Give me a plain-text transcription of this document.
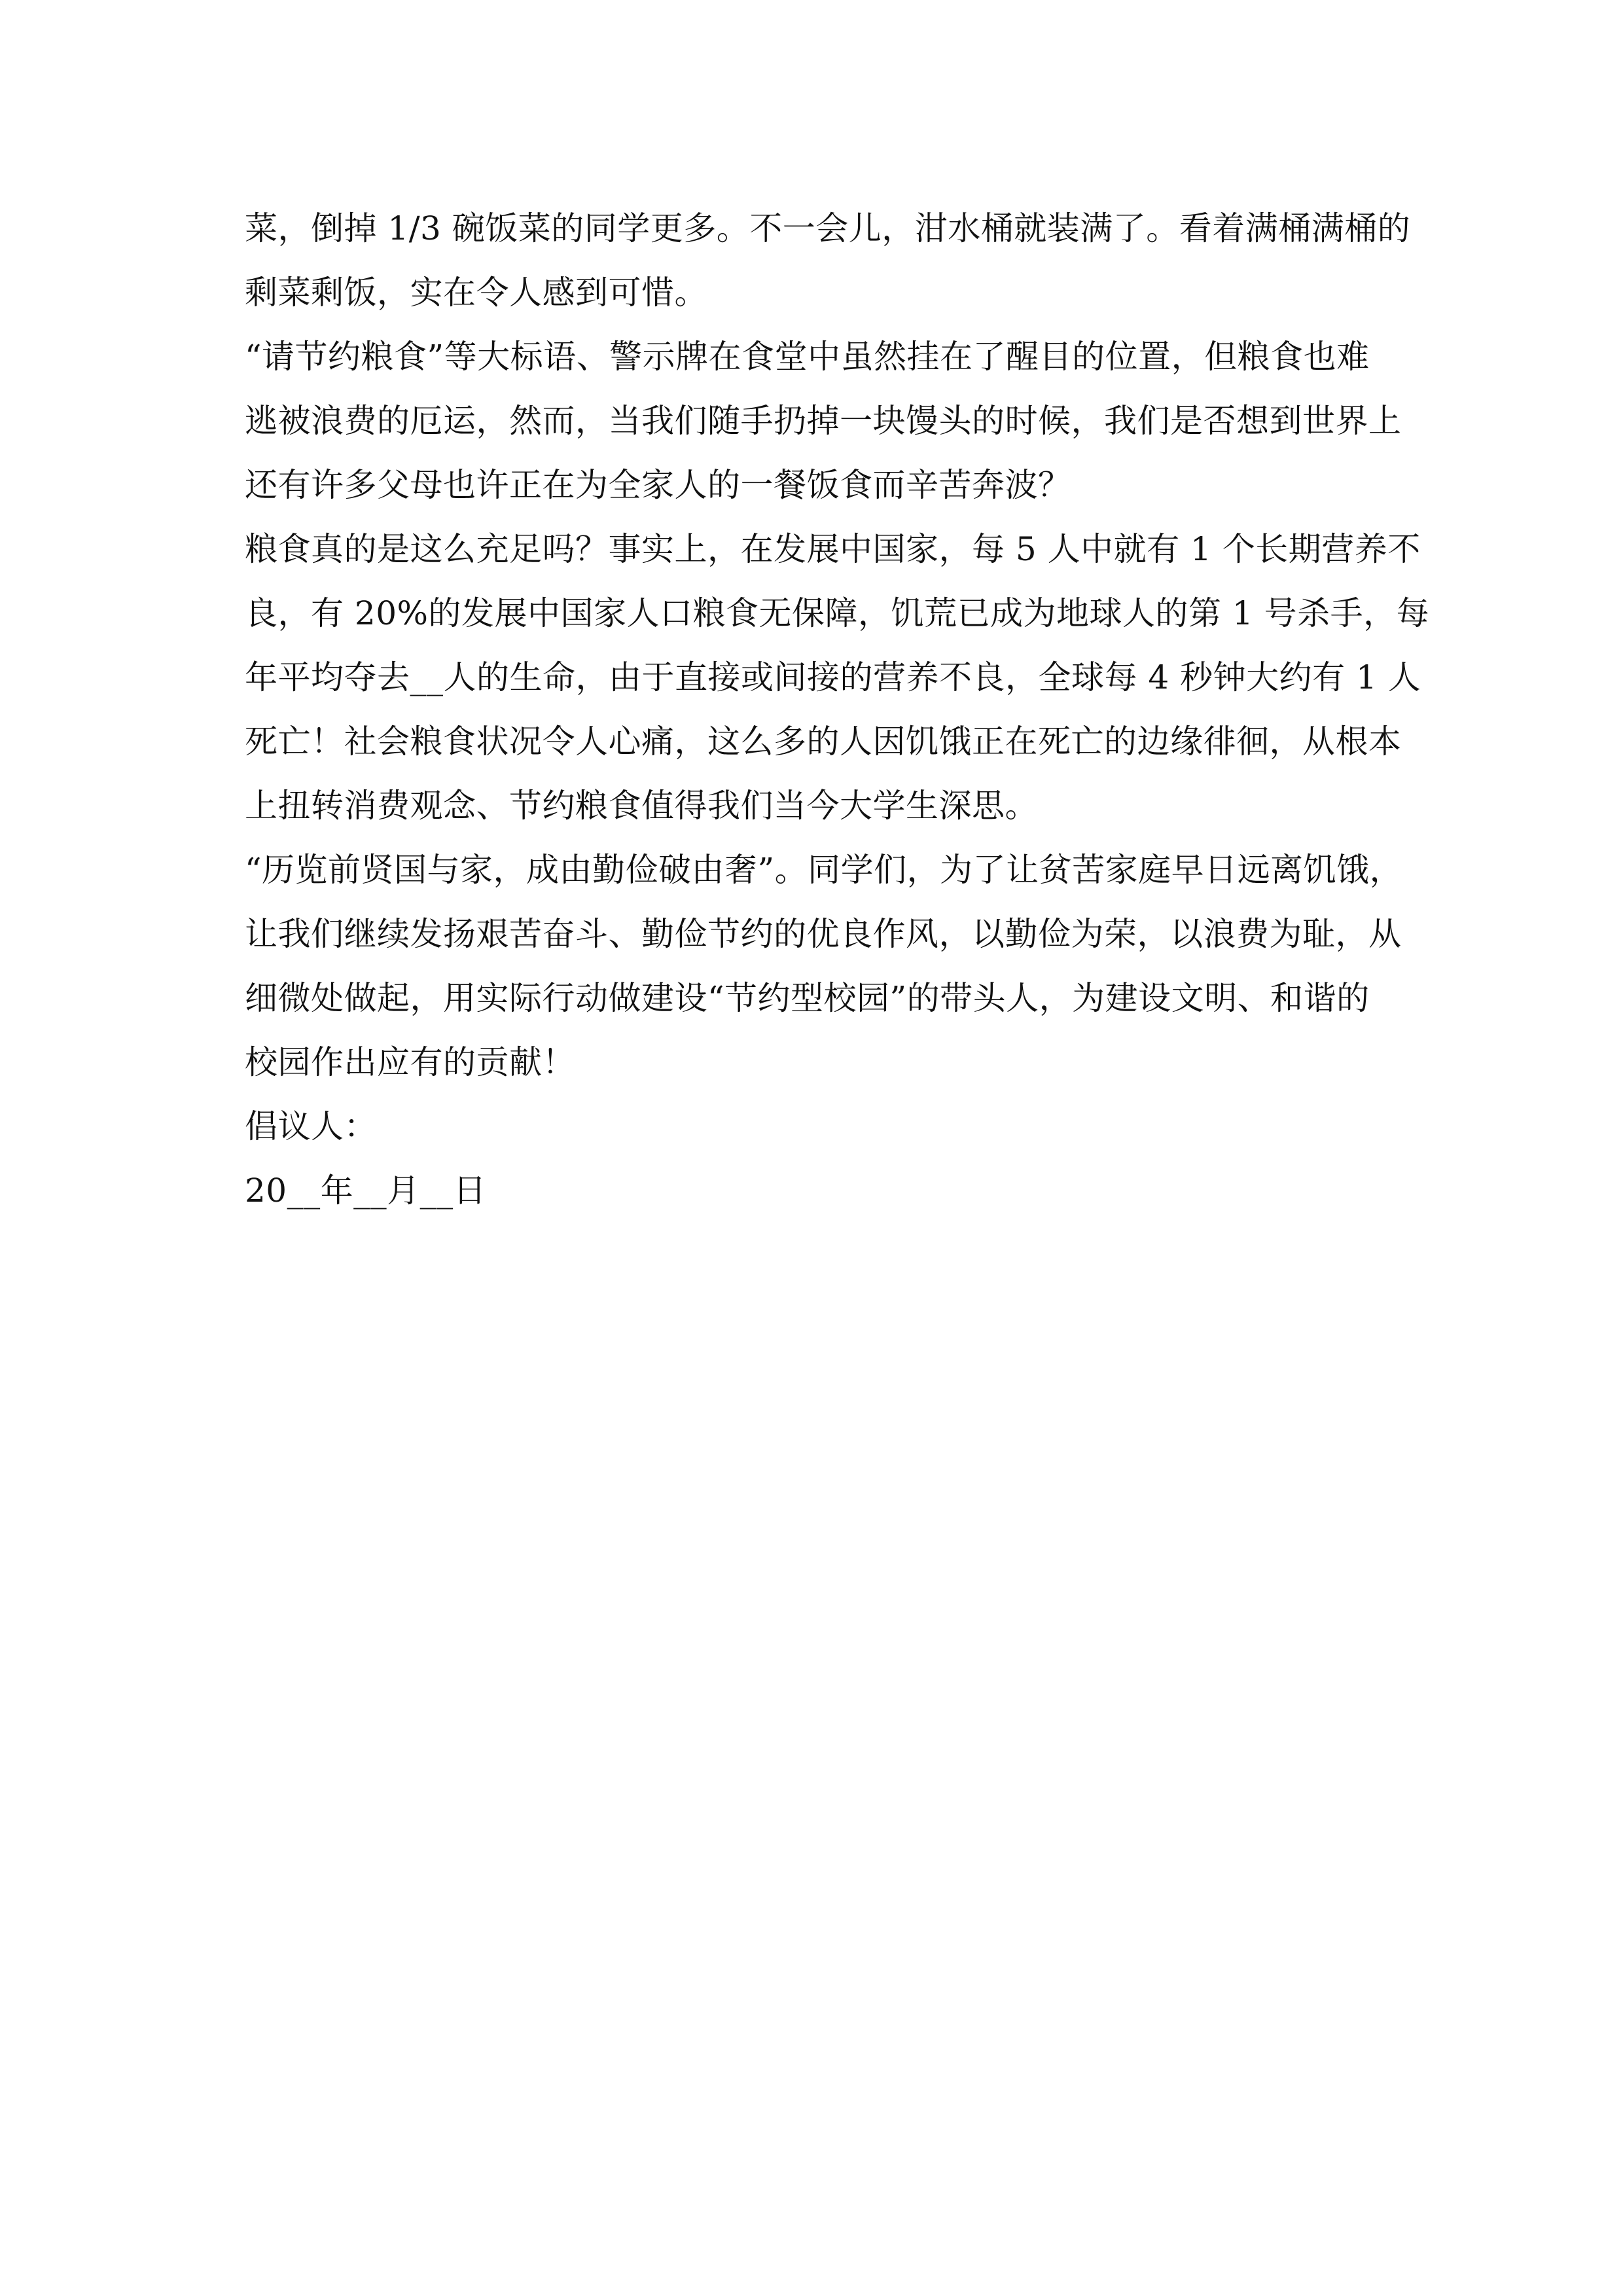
菜，倒掉 1/3 碗饭菜的同学更多。不一会儿，泔水桶就装满了。看着满桶满桶的
剩菜剩饭，实在令人感到可惜。
“请节约粮食”等大标语、警示牌在食堂中虽然挂在了醒目的位置，但粮食也难
逃被浪费的厄运，然而，当我们随手扔掉一块馒头的时候，我们是否想到世界上
还有许多父母也许正在为全家人的一餐饭食而辛苦奔波？
粮食真的是这么充足吗？事实上，在发展中国家，每 5 人中就有 1 个长期营养不
良，有 20%的发展中国家人口粮食无保障，饥荒已成为地球人的第 1 号杀手，每
年平均夺去__人的生命，由于直接或间接的营养不良，全球每 4 秒钟大约有 1 人
死亡！社会粮食状况令人心痛，这么多的人因饥饿正在死亡的边缘徘徊，从根本
上扭转消费观念、节约粮食值得我们当今大学生深思。
“历览前贤国与家，成由勤俭破由奢”。同学们，为了让贫苦家庭早日远离饥饿，
让我们继续发扬艰苦奋斗、勤俭节约的优良作风，以勤俭为荣，以浪费为耻，从
细微处做起，用实际行动做建设“节约型校园”的带头人，为建设文明、和谐的
校园作出应有的贡献！
倡议人：
20__年__月__日
